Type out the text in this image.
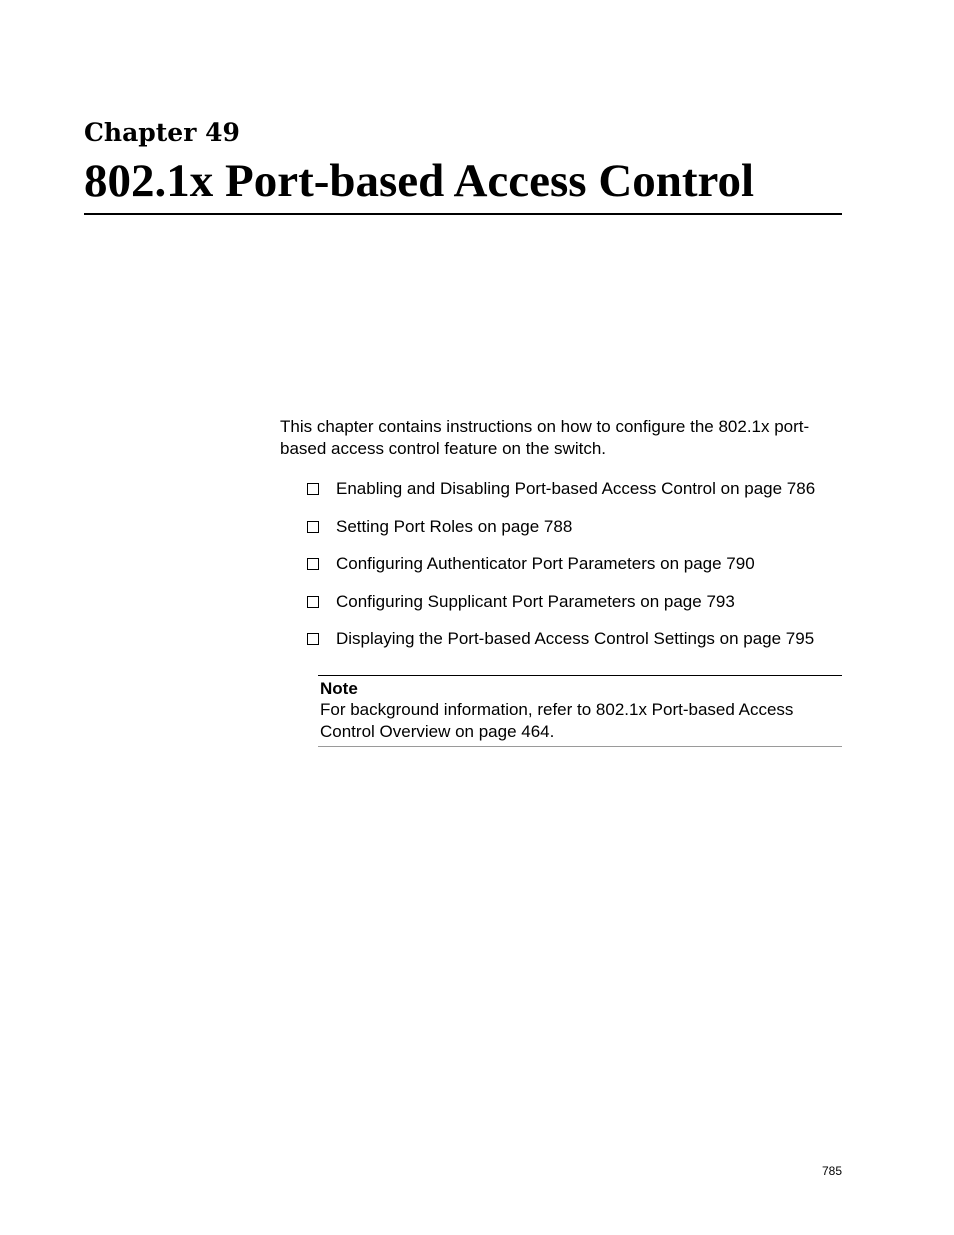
Chapter 49
802.1x Port-based Access Control
This chapter contains instructions on how to configure the 802.1x port-
based access control feature on the switch.
Enabling and Disabling Port-based Access Control on page 786
Setting Port Roles on page 788
Configuring Authenticator Port Parameters on page 790
Configuring Supplicant Port Parameters on page 793
Displaying the Port-based Access Control Settings on page 795
Note
For background information, refer to 802.1x Port-based Access
Control Overview on page 464.
785
